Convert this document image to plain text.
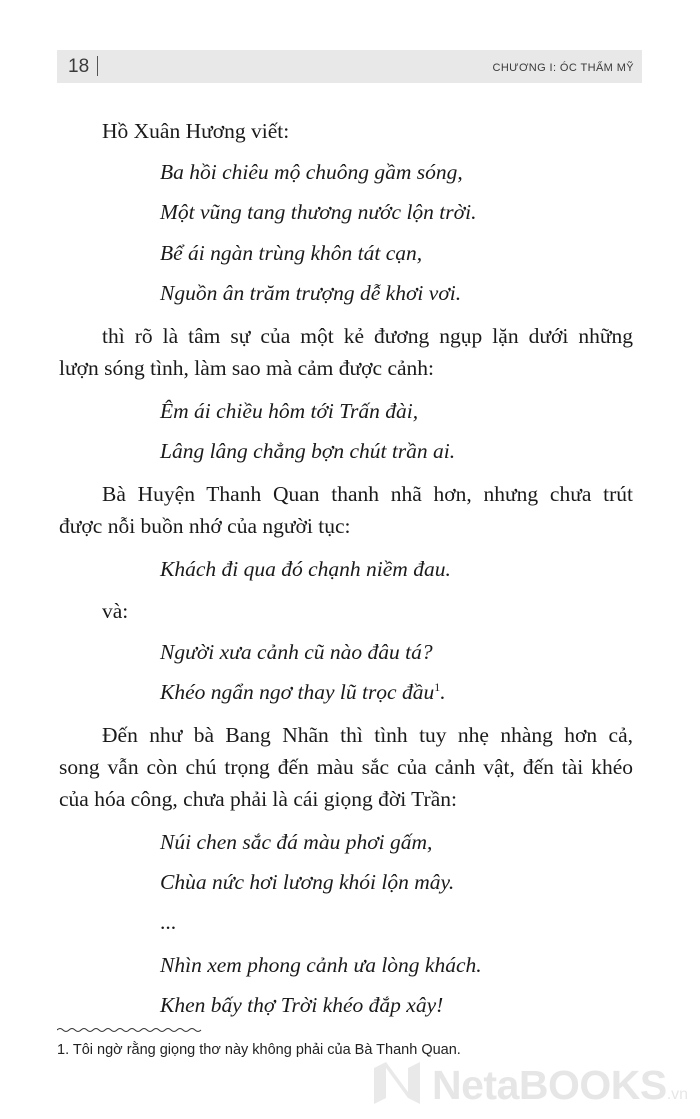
18	CHƯƠNG I: ÓC THẨM MỸ
Hồ Xuân Hương viết:
Ba hồi chiêu mộ chuông gầm sóng,
Một vũng tang thương nước lộn trời.
Bể ái ngàn trùng khôn tát cạn,
Nguồn ân trăm trượng dễ khơi vơi.
thì rõ là tâm sự của một kẻ đương ngụp lặn dưới những
lượn sóng tình, làm sao mà cảm được cảnh:
Êm ái chiều hôm tới Trấn đài,
Lâng lâng chẳng bợn chút trần ai.
Bà Huyện Thanh Quan thanh nhã hơn, nhưng chưa trút
được nỗi buồn nhớ của người tục:
Khách đi qua đó chạnh niềm đau.
và:
Người xưa cảnh cũ nào đâu tá?
Khéo ngẩn ngơ thay lũ trọc đầu$^1$.
Đến như bà Bang Nhãn thì tình tuy nhẹ nhàng hơn cả,
song vẫn còn chú trọng đến màu sắc của cảnh vật, đến tài khéo
của hóa công, chưa phải là cái giọng đời Trần:
Núi chen sắc đá màu phơi gấm,
Chùa nức hơi lương khói lộn mây.
...
Nhìn xem phong cảnh ưa lòng khách.
Khen bấy thợ Trời khéo đắp xây!
1. Tôi ngờ rằng giọng thơ này không phải của Bà Thanh Quan.
NetaBOOKS.vn
